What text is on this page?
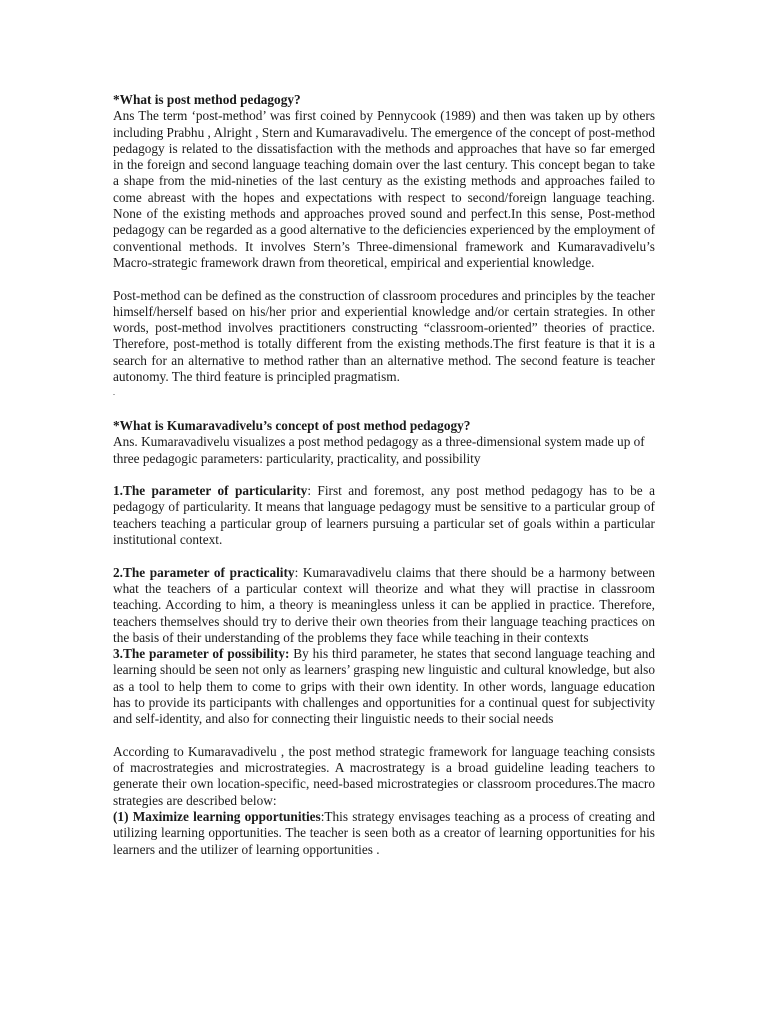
*What is post method pedagogy?

Ans The term ‘post-method’ was first coined by Pennycook (1989) and then was taken up by others including Prabhu , Alright , Stern and Kumaravadivelu. The emergence of the concept of post-method pedagogy is related to the dissatisfaction with the methods and approaches that have so far emerged in the foreign and second language teaching domain over the last century. This concept began to take a shape from the mid-nineties of the last century as the existing methods and approaches failed to come abreast with the hopes and expectations with respect to second/foreign language teaching. None of the existing methods and approaches proved sound and perfect.In this sense, Post-method pedagogy can be regarded as a good alternative to the deficiencies experienced by the employment of conventional methods. It involves Stern’s Three-dimensional framework and Kumaravadivelu’s Macro-strategic framework drawn from theoretical, empirical and experiential knowledge.

Post-method can be defined as the construction of classroom procedures and principles by the teacher himself/herself based on his/her prior and experiential knowledge and/or certain strategies. In other words, post-method involves practitioners constructing “classroom-oriented” theories of practice. Therefore, post-method is totally different from the existing methods.The first feature is that it is a search for an alternative to method rather than an alternative method. The second feature is teacher autonomy. The third feature is principled pragmatism.

.

*What is Kumaravadivelu’s concept of post method pedagogy?

Ans. Kumaravadivelu visualizes a post method pedagogy as a three-dimensional system made up of three pedagogic parameters: particularity, practicality, and possibility

1.The parameter of particularity: First and foremost, any post method pedagogy has to be a pedagogy of particularity. It means that language pedagogy must be sensitive to a particular group of teachers teaching a particular group of learners pursuing a particular set of goals within a particular institutional context.

2.The parameter of practicality: Kumaravadivelu claims that there should be a harmony between what the teachers of a particular context will theorize and what they will practise in classroom teaching. According to him, a theory is meaningless unless it can be applied in practice. Therefore, teachers themselves should try to derive their own theories from their language teaching practices on the basis of their understanding of the problems they face while teaching in their contexts

3.The parameter of possibility: By his third parameter, he states that second language teaching and learning should be seen not only as learners’ grasping new linguistic and cultural knowledge, but also as a tool to help them to come to grips with their own identity. In other words, language education has to provide its participants with challenges and opportunities for a continual quest for subjectivity and self-identity, and also for connecting their linguistic needs to their social needs

According to Kumaravadivelu , the post method strategic framework for language teaching consists of macrostrategies and microstrategies. A macrostrategy is a broad guideline leading teachers to generate their own location-specific, need-based microstrategies or classroom procedures.The macro strategies are described below:

(1) Maximize learning opportunities:This strategy envisages teaching as a process of creating and utilizing learning opportunities. The teacher is seen both as a creator of learning opportunities for his learners and the utilizer of learning opportunities .
